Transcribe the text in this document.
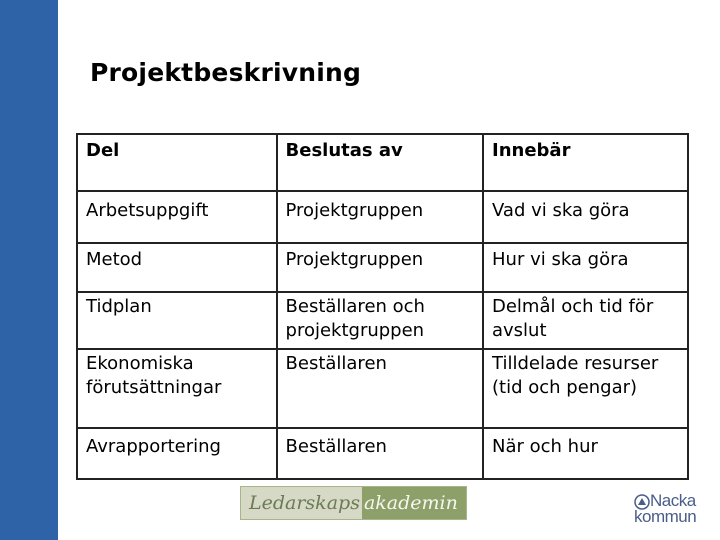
Projektbeskrivning
Del	Beslutas av	Innebär
Arbetsuppgift	Projektgruppen	Vad vi ska göra
Metod	Projektgruppen	Hur vi ska göra
Tidplan	Beställaren och projektgruppen	Delmål och tid för avslut
Ekonomiska förutsättningar	Beställaren	Tilldelade resurser (tid och pengar)
Avrapportering	Beställaren	När och hur
Ledarskaps akademin	Nacka
kommun
